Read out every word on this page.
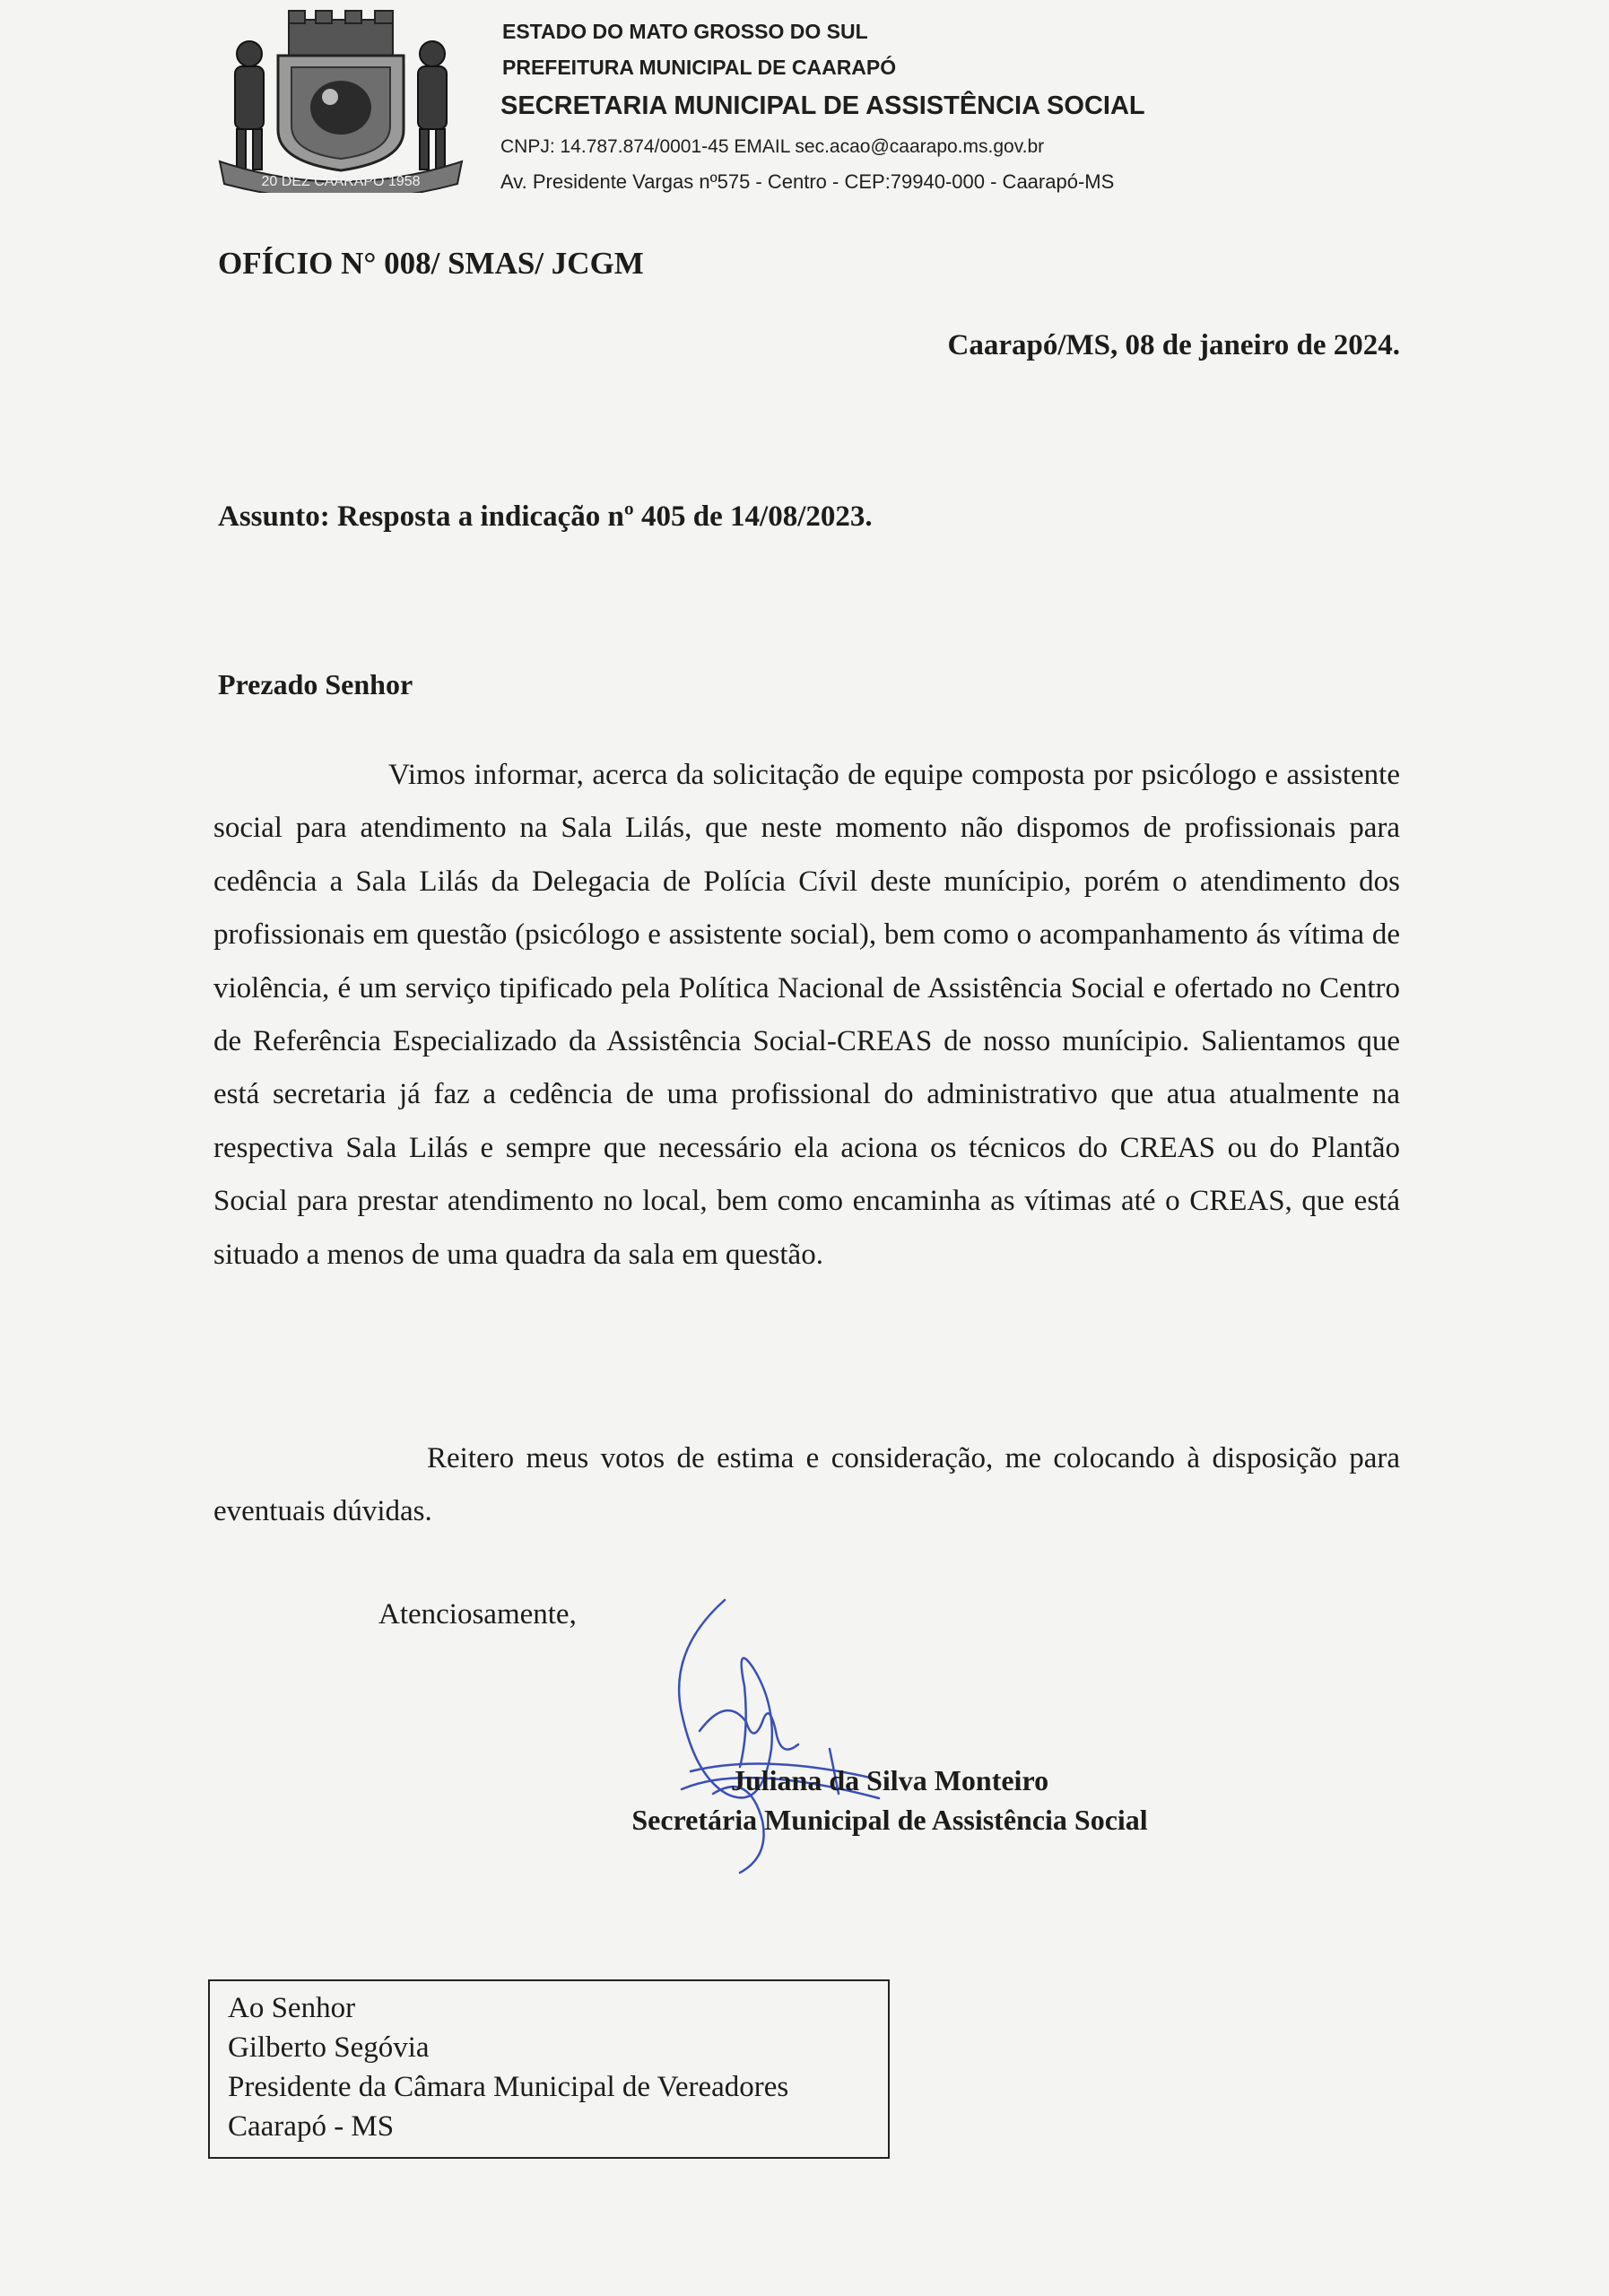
20 DEZ CAARAPÓ 1958
ESTADO DO MATO GROSSO DO SUL
PREFEITURA MUNICIPAL DE CAARAPÓ
SECRETARIA MUNICIPAL DE ASSISTÊNCIA SOCIAL
CNPJ: 14.787.874/0001-45 EMAIL sec.acao@caarapo.ms.gov.br
Av. Presidente Vargas nº575 - Centro - CEP:79940-000 - Caarapó-MS
OFÍCIO N° 008/ SMAS/ JCGM
Caarapó/MS, 08 de janeiro de 2024.
Assunto: Resposta a indicação nº 405 de 14/08/2023.
Prezado Senhor

Vimos informar, acerca da solicitação de equipe composta por psicólogo e assistente social para atendimento na Sala Lilás, que neste momento não dispomos de profissionais para cedência a Sala Lilás da Delegacia de Polícia Cívil deste munícipio, porém o atendimento dos profissionais em questão (psicólogo e assistente social), bem como o acompanhamento ás vítima de violência, é um serviço tipificado pela Política Nacional de Assistência Social e ofertado no Centro de Referência Especializado da Assistência Social-CREAS de nosso munícipio. Salientamos que está secretaria já faz a cedência de uma profissional do administrativo que atua atualmente na respectiva Sala Lilás e sempre que necessário ela aciona os técnicos do CREAS ou do Plantão Social para prestar atendimento no local, bem como encaminha as vítimas até o CREAS, que está situado a menos de uma quadra da sala em questão.

Reitero meus votos de estima e consideração, me colocando à disposição para eventuais dúvidas.

Atenciosamente,
Juliana da Silva Monteiro
Secretária Municipal de Assistência Social
Ao Senhor
Gilberto Segóvia
Presidente da Câmara Municipal de Vereadores
Caarapó - MS
